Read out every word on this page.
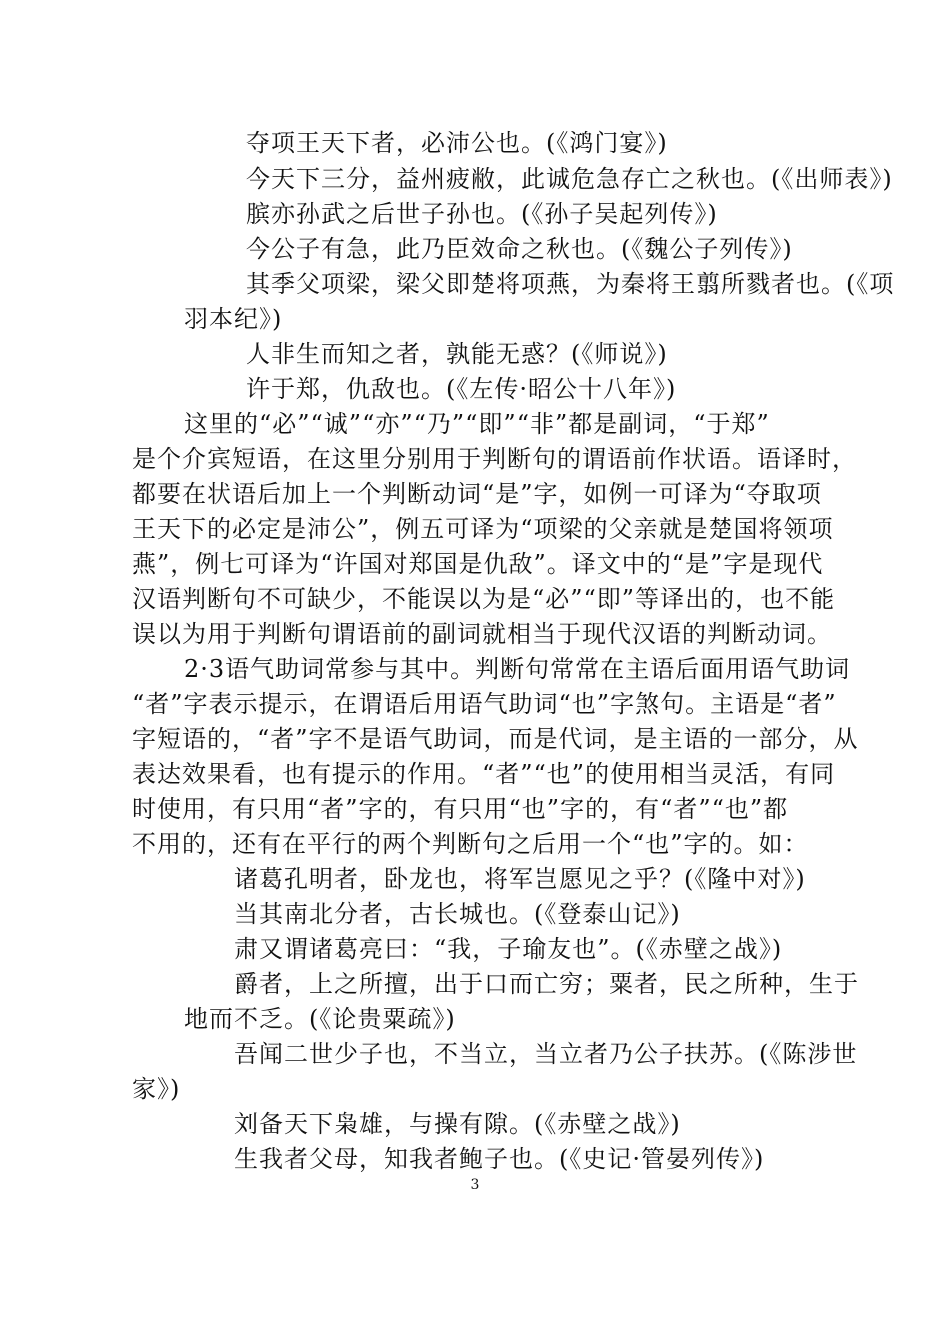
夺项王天下者，必沛公也。(《鸿门宴》)
今天下三分，益州疲敝，此诚危急存亡之秋也。(《出师表》)
膑亦孙武之后世子孙也。(《孙子吴起列传》)
今公子有急，此乃臣效命之秋也。(《魏公子列传》)
其季父项梁，梁父即楚将项燕，为秦将王翦所戮者也。(《项
羽本纪》)
人非生而知之者，孰能无惑？(《师说》)
许于郑，仇敌也。(《左传·昭公十八年》)
这里的“必”“诚”“亦”“乃”“即”“非”都是副词，“于郑”
是个介宾短语，在这里分别用于判断句的谓语前作状语。语译时，
都要在状语后加上一个判断动词“是”字，如例一可译为“夺取项
王天下的必定是沛公”，例五可译为“项梁的父亲就是楚国将领项
燕”，例七可译为“许国对郑国是仇敌”。译文中的“是”字是现代
汉语判断句不可缺少，不能误以为是“必”“即”等译出的，也不能
误以为用于判断句谓语前的副词就相当于现代汉语的判断动词。
2·3语气助词常参与其中。判断句常常在主语后面用语气助词
“者”字表示提示，在谓语后用语气助词“也”字煞句。主语是“者”
字短语的，“者”字不是语气助词，而是代词，是主语的一部分，从
表达效果看，也有提示的作用。“者”“也”的使用相当灵活，有同
时使用，有只用“者”字的，有只用“也”字的，有“者”“也”都
不用的，还有在平行的两个判断句之后用一个“也”字的。如：
诸葛孔明者，卧龙也，将军岂愿见之乎？(《隆中对》)
当其南北分者，古长城也。(《登泰山记》)
肃又谓诸葛亮曰：“我，子瑜友也”。(《赤壁之战》)
爵者，上之所擅，出于口而亡穷；粟者，民之所种，生于
地而不乏。(《论贵粟疏》)
吾闻二世少子也，不当立，当立者乃公子扶苏。(《陈涉世
家》)
刘备天下枭雄，与操有隙。(《赤壁之战》)
生我者父母，知我者鲍子也。(《史记·管晏列传》)
3
